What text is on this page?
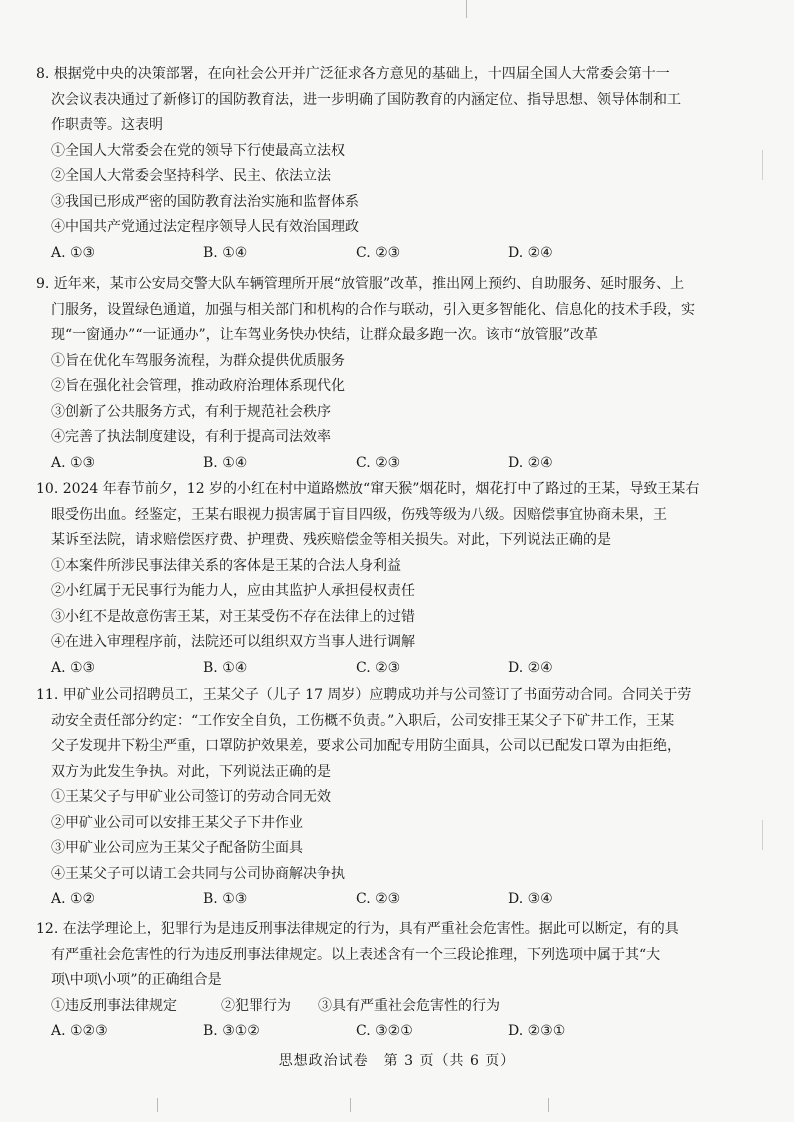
8. 根据党中央的决策部署，在向社会公开并广泛征求各方意见的基础上，十四届全国人大常委会第十一
次会议表决通过了新修订的国防教育法，进一步明确了国防教育的内涵定位、指导思想、领导体制和工
作职责等。这表明
①全国人大常委会在党的领导下行使最高立法权
②全国人大常委会坚持科学、民主、依法立法
③我国已形成严密的国防教育法治实施和监督体系
④中国共产党通过法定程序领导人民有效治国理政
A. ①③	B. ①④	C. ②③	D. ②④
9. 近年来，某市公安局交警大队车辆管理所开展“放管服”改革，推出网上预约、自助服务、延时服务、上
门服务，设置绿色通道，加强与相关部门和机构的合作与联动，引入更多智能化、信息化的技术手段，实
现“一窗通办”“一证通办”，让车驾业务快办快结，让群众最多跑一次。该市“放管服”改革
①旨在优化车驾服务流程，为群众提供优质服务
②旨在强化社会管理，推动政府治理体系现代化
③创新了公共服务方式，有利于规范社会秩序
④完善了执法制度建设，有利于提高司法效率
A. ①③	B. ①④	C. ②③	D. ②④
10. 2024 年春节前夕，12 岁的小红在村中道路燃放“窜天猴”烟花时，烟花打中了路过的王某，导致王某右
眼受伤出血。经鉴定，王某右眼视力损害属于盲目四级，伤残等级为八级。因赔偿事宜协商未果，王
某诉至法院，请求赔偿医疗费、护理费、残疾赔偿金等相关损失。对此，下列说法正确的是
①本案件所涉民事法律关系的客体是王某的合法人身利益
②小红属于无民事行为能力人，应由其监护人承担侵权责任
③小红不是故意伤害王某，对王某受伤不存在法律上的过错
④在进入审理程序前，法院还可以组织双方当事人进行调解
A. ①③	B. ①④	C. ②③	D. ②④
11. 甲矿业公司招聘员工，王某父子（儿子 17 周岁）应聘成功并与公司签订了书面劳动合同。合同关于劳
动安全责任部分约定：“工作安全自负，工伤概不负责。”入职后，公司安排王某父子下矿井工作，王某
父子发现井下粉尘严重，口罩防护效果差，要求公司加配专用防尘面具，公司以已配发口罩为由拒绝，
双方为此发生争执。对此，下列说法正确的是
①王某父子与甲矿业公司签订的劳动合同无效
②甲矿业公司可以安排王某父子下井作业
③甲矿业公司应为王某父子配备防尘面具
④王某父子可以请工会共同与公司协商解决争执
A. ①②	B. ①③	C. ②③	D. ③④
12. 在法学理论上，犯罪行为是违反刑事法律规定的行为，具有严重社会危害性。据此可以断定，有的具
有严重社会危害性的行为违反刑事法律规定。以上表述含有一个三段论推理，下列选项中属于其“大
项\中项\小项”的正确组合是
①违反刑事法律规定	②犯罪行为 ③具有严重社会危害性的行为
A. ①②③	B. ③①②	C. ③②①	D. ②③①
思想政治试卷　第 3 页（共 6 页）
